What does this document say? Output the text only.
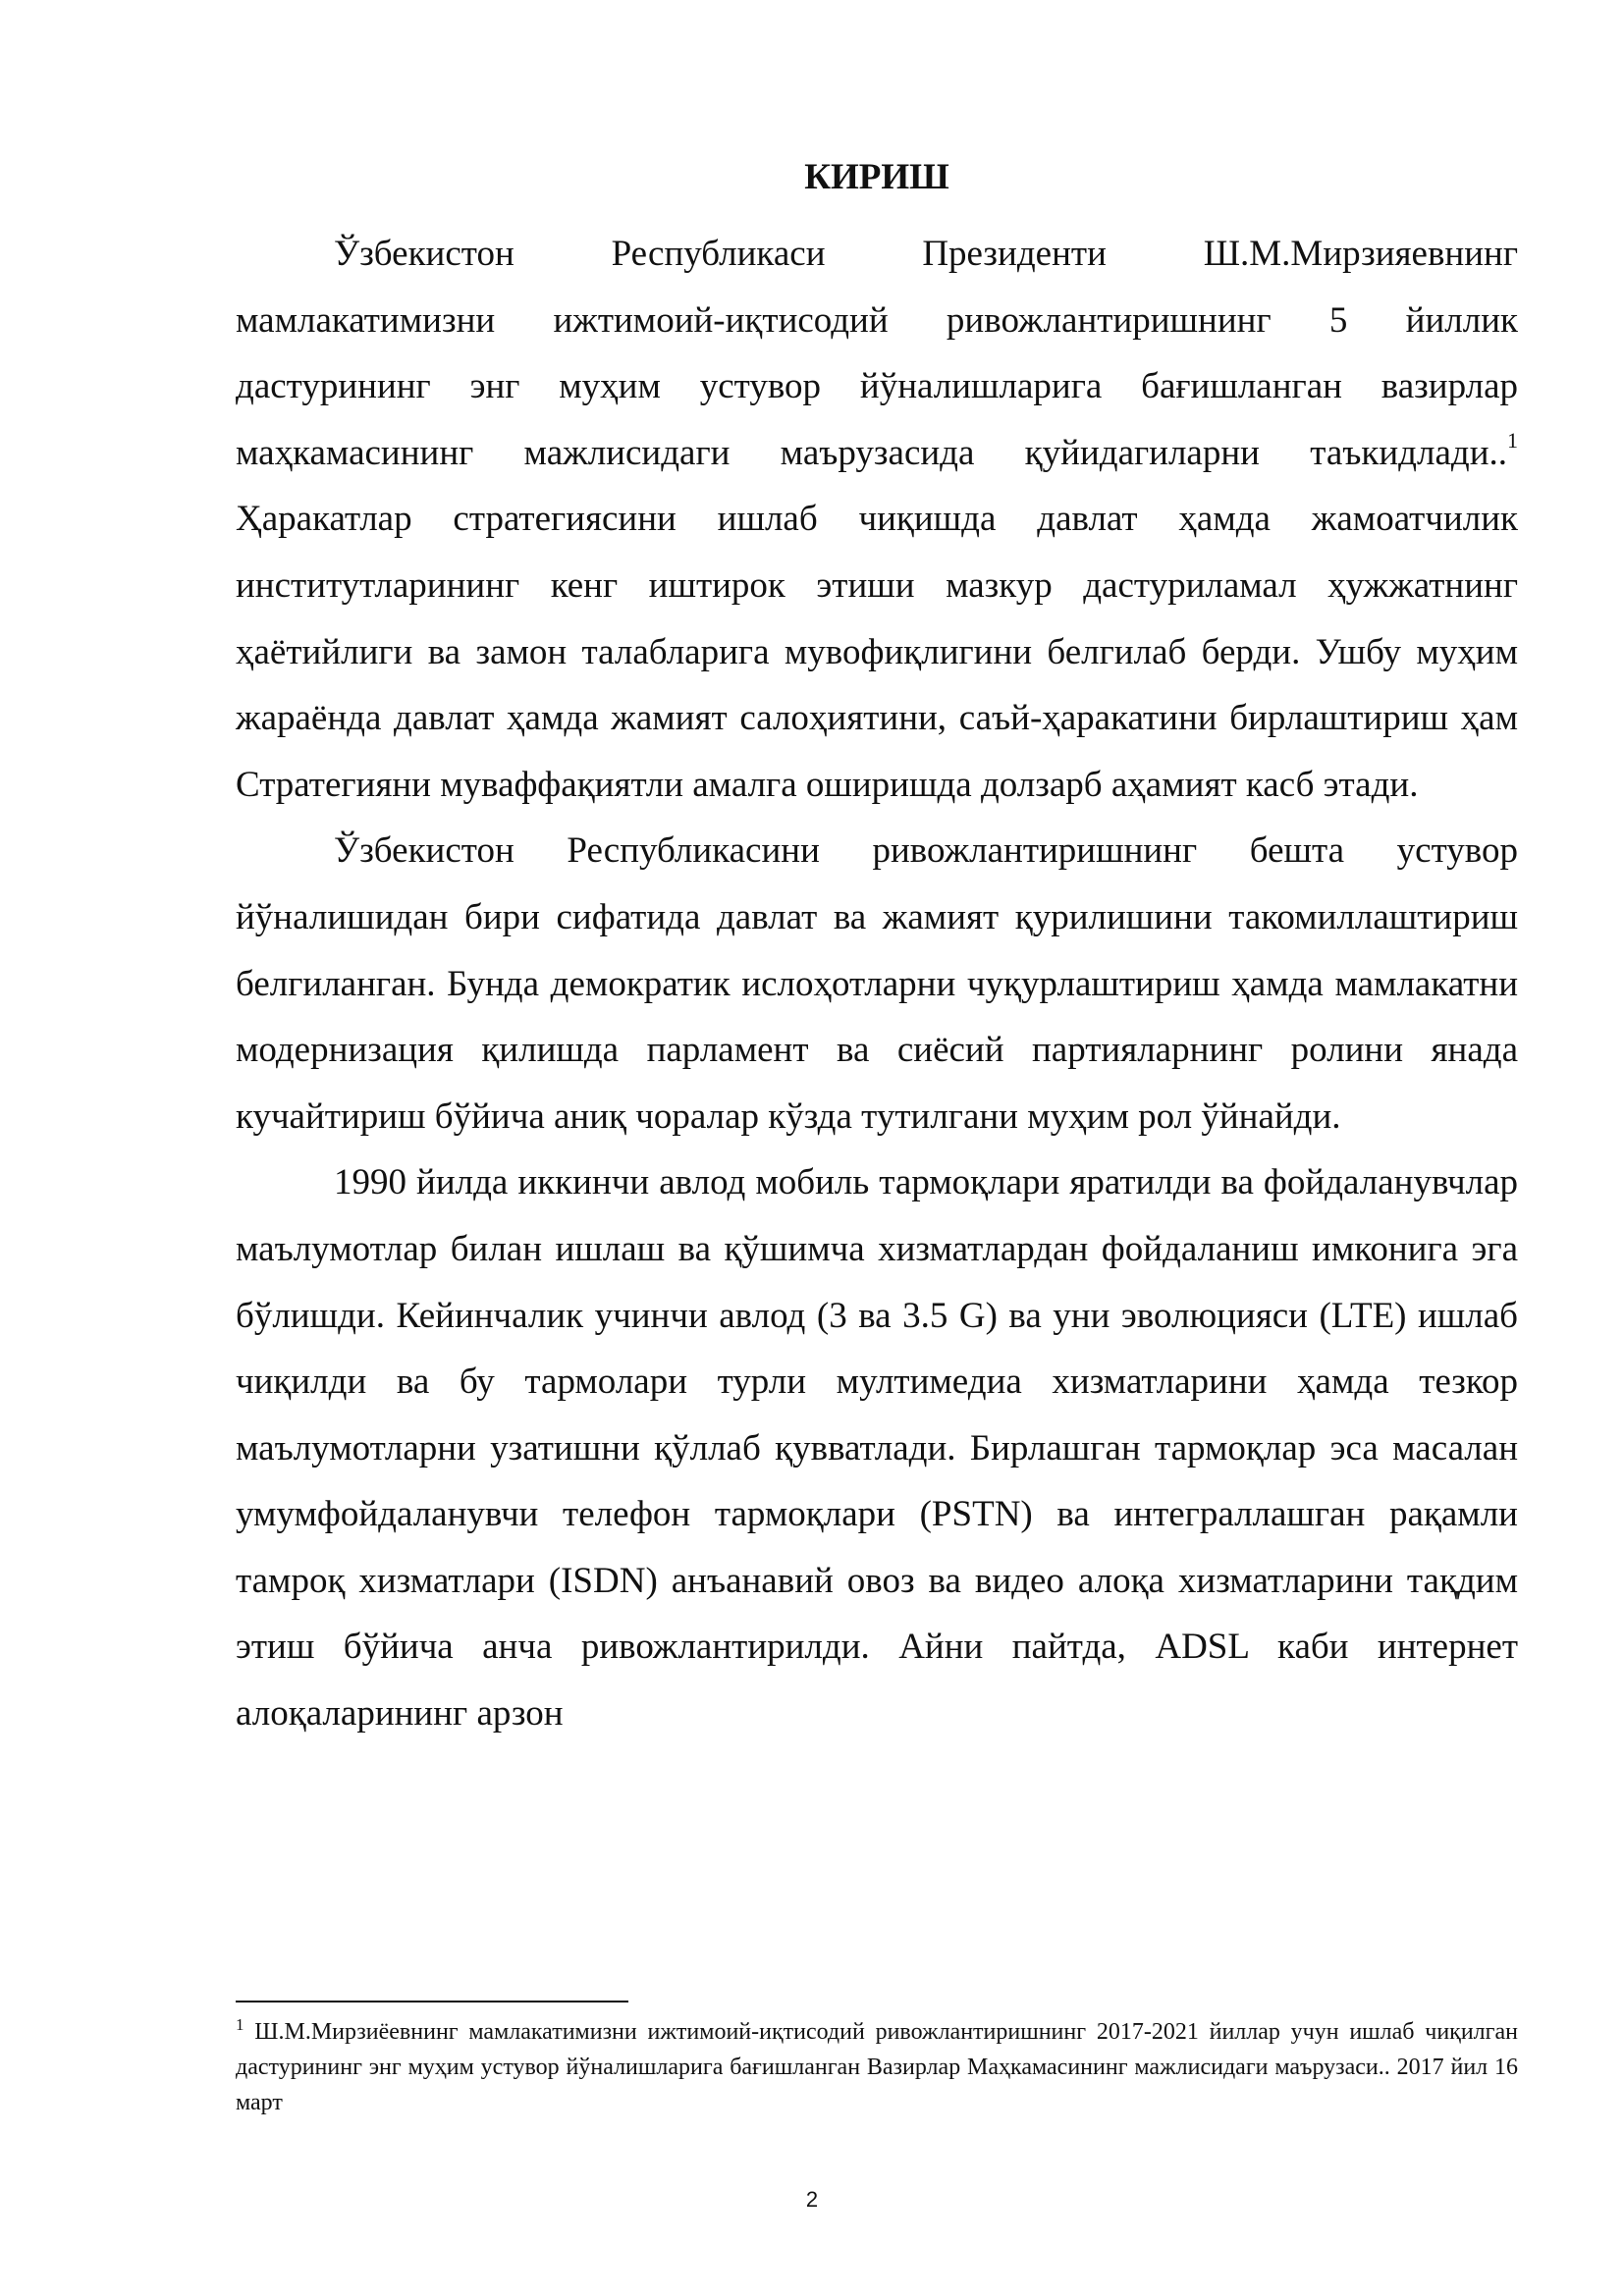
КИРИШ

Ўзбекистон Республикаси Президенти Ш.М.Мирзияевнинг мамлакатимизни ижтимоий-иқтисодий ривожлантиришнинг 5 йиллик дастурининг энг муҳим устувор йўналишларига бағишланган вазирлар маҳкамасининг мажлисидаги маърузасида қуйидагиларни таъкидлади..$^1$ Ҳаракатлар стратегиясини ишлаб чиқишда давлат ҳамда жамоатчилик институтларининг кенг иштирок этиши мазкур дастуриламал ҳужжатнинг ҳаётийлиги ва замон талабларига мувофиқлигини белгилаб берди. Ушбу муҳим жараёнда давлат ҳамда жамият салоҳиятини, саъй-ҳаракатини бирлаштириш ҳам Стратегияни муваффақиятли амалга оширишда долзарб аҳамият касб этади.

Ўзбекистон Республикасини ривожлантиришнинг бешта устувор йўналишидан бири сифатида давлат ва жамият қурилишини такомиллаштириш белгиланган. Бунда демократик ислоҳотларни чуқурлаштириш ҳамда мамлакатни модернизация қилишда парламент ва сиёсий партияларнинг ролини янада кучайтириш бўйича аниқ чоралар кўзда тутилгани муҳим рол ўйнайди.

1990 йилда иккинчи авлод мобиль тармоқлари яратилди ва фойдаланувчлар маълумотлар билан ишлаш ва қўшимча хизматлардан фойдаланиш имконига эга бўлишди. Кейинчалик учинчи авлод (3 ва 3.5 G) ва уни эволюцияси (LTE) ишлаб чиқилди ва бу тармолари турли мултимедиа хизматларини ҳамда тезкор маълумотларни узатишни қўллаб қувватлади. Бирлашган тармоқлар эса масалан умумфойдаланувчи телефон тармоқлари (PSTN) ва интеграллашган рақамли тамроқ хизматлари (ISDN) анъанавий овоз ва видео алоқа хизматларини тақдим этиш бўйича анча ривожлантирилди. Айни пайтда, ADSL каби интернет алоқаларининг арзон

$^1$ Ш.М.Мирзиёевнинг мамлакатимизни ижтимоий-иқтисодий ривожлантиришнинг 2017-2021 йиллар учун ишлаб чиқилган дастурининг энг муҳим устувор йўналишларига бағишланган Вазирлар Маҳкамасининг мажлисидаги маърузаси.. 2017 йил 16 март

2
